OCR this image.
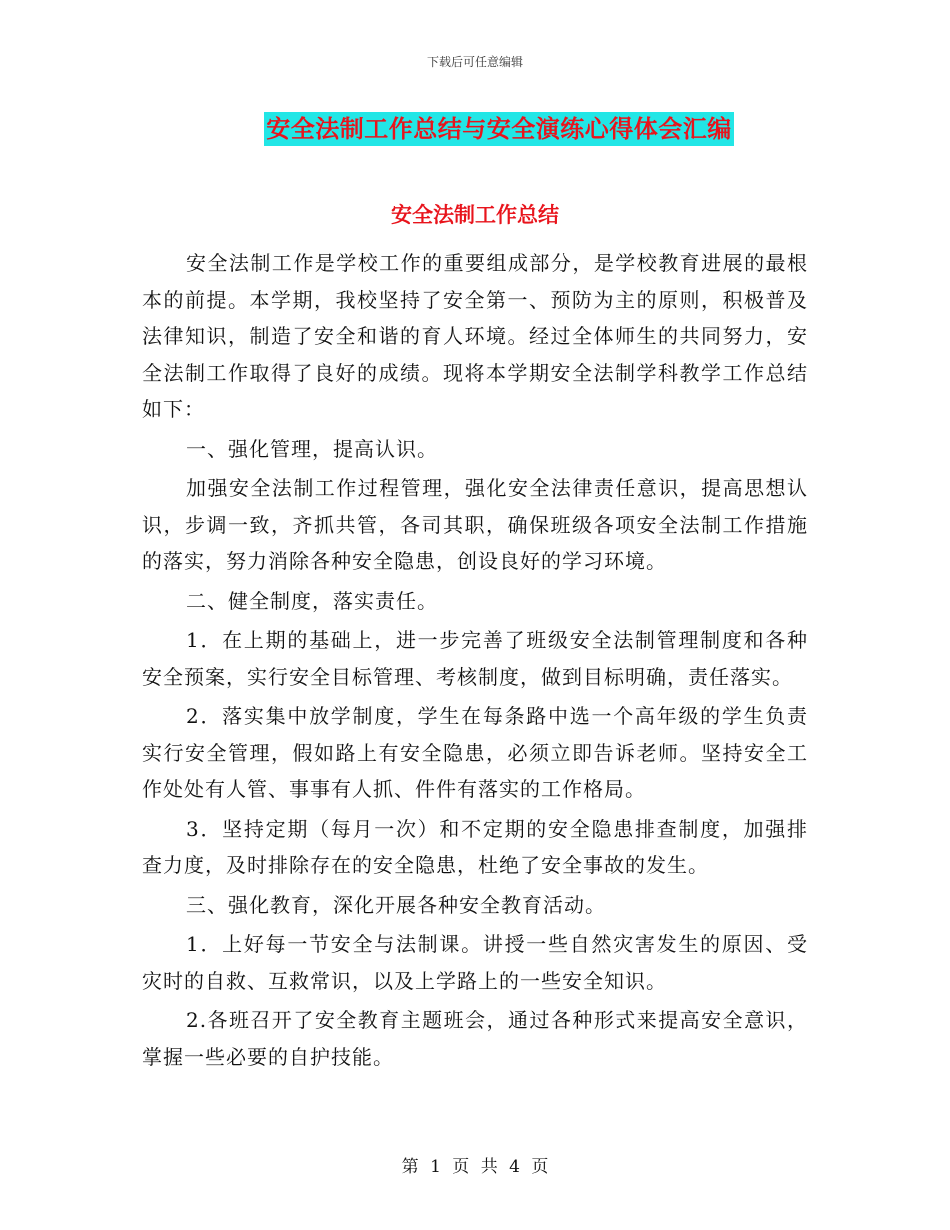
下载后可任意编辑
安全法制工作总结与安全演练心得体会汇编
安全法制工作总结

安全法制工作是学校工作的重要组成部分，是学校教育进展的最根本的前提。本学期，我校坚持了安全第一、预防为主的原则，积极普及法律知识，制造了安全和谐的育人环境。经过全体师生的共同努力，安全法制工作取得了良好的成绩。现将本学期安全法制学科教学工作总结如下：

一、强化管理，提高认识。

加强安全法制工作过程管理，强化安全法律责任意识，提高思想认识，步调一致，齐抓共管，各司其职，确保班级各项安全法制工作措施的落实，努力消除各种安全隐患，创设良好的学习环境。

二、健全制度，落实责任。

1．在上期的基础上，进一步完善了班级安全法制管理制度和各种安全预案，实行安全目标管理、考核制度，做到目标明确，责任落实。

2．落实集中放学制度，学生在每条路中选一个高年级的学生负责实行安全管理，假如路上有安全隐患，必须立即告诉老师。坚持安全工作处处有人管、事事有人抓、件件有落实的工作格局。

3．坚持定期（每月一次）和不定期的安全隐患排查制度，加强排查力度，及时排除存在的安全隐患，杜绝了安全事故的发生。

三、强化教育，深化开展各种安全教育活动。

1．上好每一节安全与法制课。讲授一些自然灾害发生的原因、受灾时的自救、互救常识，以及上学路上的一些安全知识。

2.各班召开了安全教育主题班会，通过各种形式来提高安全意识，掌握一些必要的自护技能。

第 1 页 共 4 页
